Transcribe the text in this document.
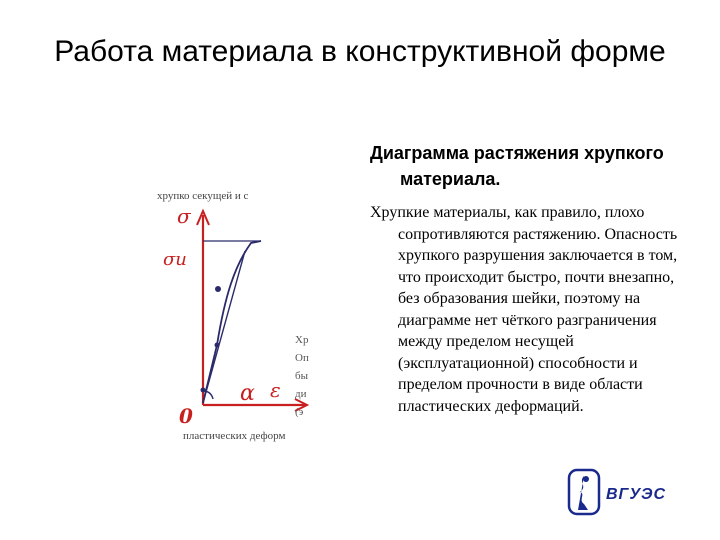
Работа материала в конструктивной форме
хрупко секущей и с
σ
σu
α ε
0
Хр
Оп
бы
ди
(э
пластических деформ

Диаграмма растяжения хрупкого материала.

Хрупкие материалы, как правило, плохо сопротивляются растяжению. Опасность хрупкого разрушения заключается в том, что происходит быстро, почти внезапно, без образования шейки, поэтому на диаграмме нет чёткого разграничения между пределом несущей (эксплуатационной) способности и пределом прочности в виде области пластических деформаций.

ВГУЭС
